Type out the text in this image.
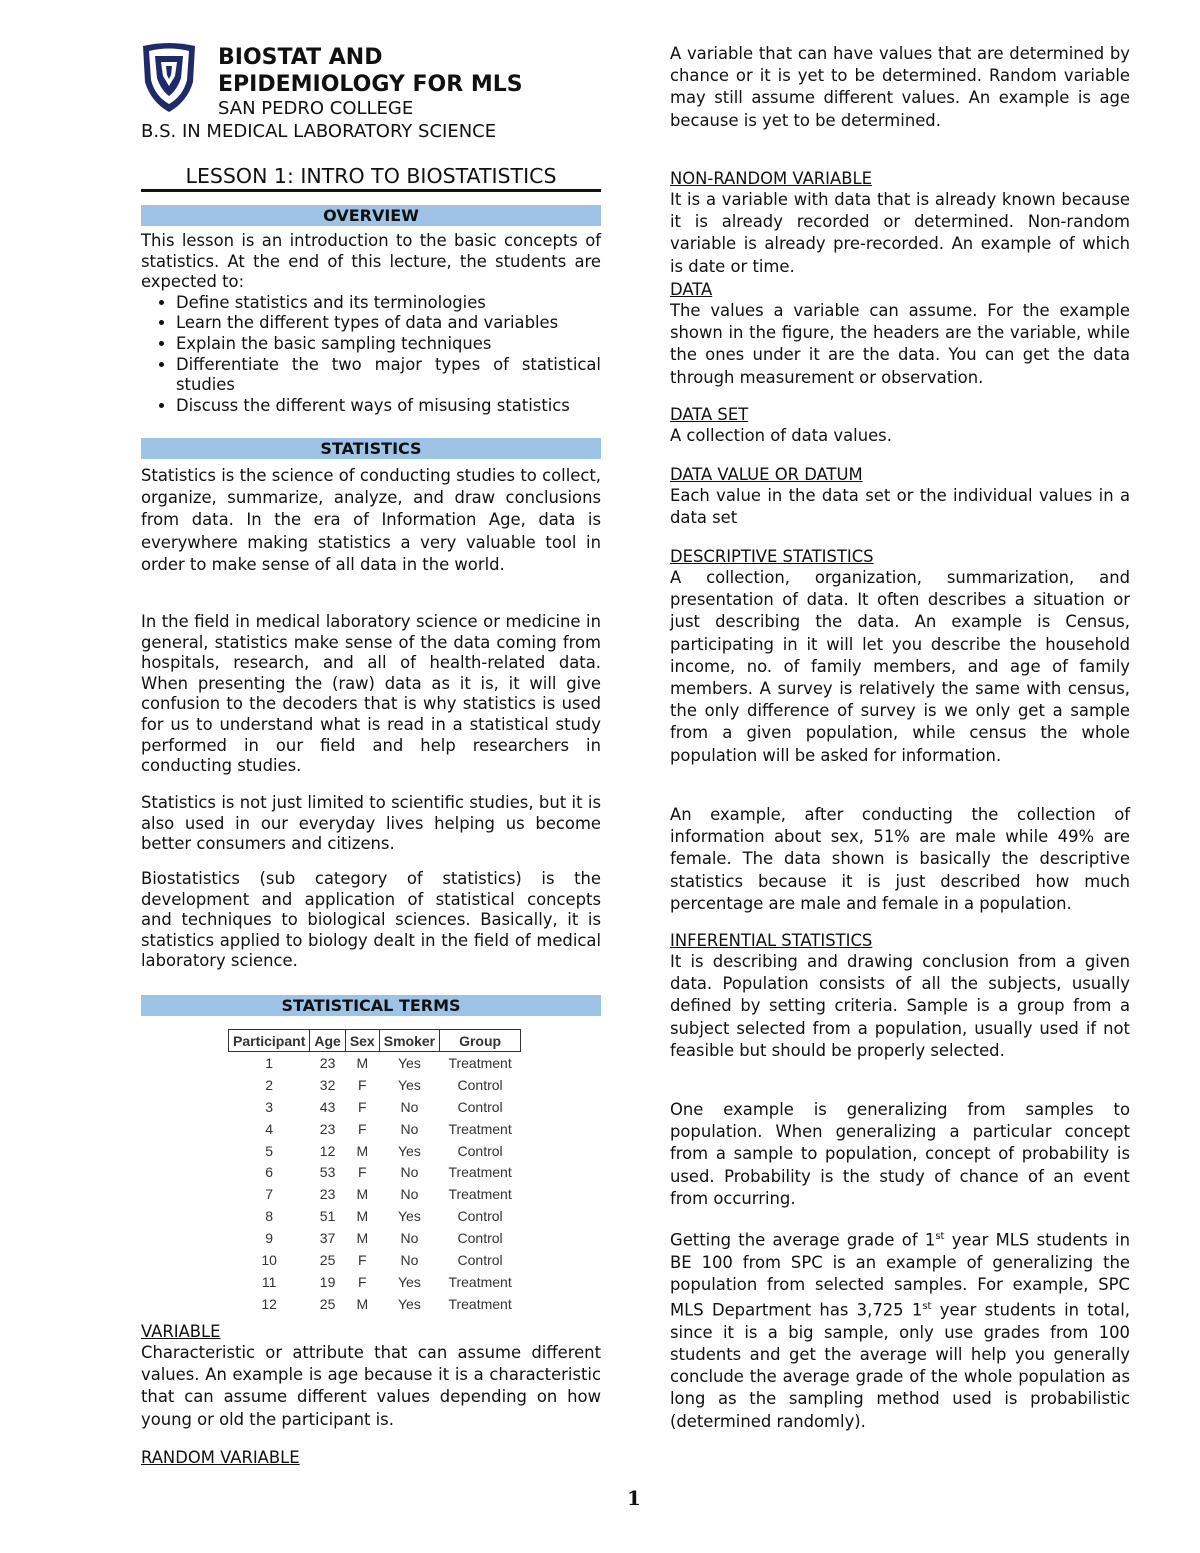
BIOSTAT AND
EPIDEMIOLOGY FOR MLS
SAN PEDRO COLLEGE
B.S. IN MEDICAL LABORATORY SCIENCE
LESSON 1: INTRO TO BIOSTATISTICS
OVERVIEW

This lesson is an introduction to the basic concepts of statistics. At the end of this lecture, the students are expected to:

• Define statistics and its terminologies
• Learn the different types of data and variables
• Explain the basic sampling techniques
• Differentiate the two major types of statistical studies
• Discuss the different ways of misusing statistics
STATISTICS

Statistics is the science of conducting studies to collect, organize, summarize, analyze, and draw conclusions from data. In the era of Information Age, data is everywhere making statistics a very valuable tool in order to make sense of all data in the world.

In the field in medical laboratory science or medicine in general, statistics make sense of the data coming from hospitals, research, and all of health-related data. When presenting the (raw) data as it is, it will give confusion to the decoders that is why statistics is used for us to understand what is read in a statistical study performed in our field and help researchers in conducting studies.

Statistics is not just limited to scientific studies, but it is also used in our everyday lives helping us become better consumers and citizens.

Biostatistics (sub category of statistics) is the development and application of statistical concepts and techniques to biological sciences. Basically, it is statistics applied to biology dealt in the field of medical laboratory science.

STATISTICAL TERMS
Participant	Age	Sex	Smoker	Group
1	23	M	Yes	Treatment
2	32	F	Yes	Control
3	43	F	No	Control
4	23	F	No	Treatment
5	12	M	Yes	Control
6	53	F	No	Treatment
7	23	M	No	Treatment
8	51	M	Yes	Control
9	37	M	No	Control
10	25	F	No	Control
11	19	F	Yes	Treatment
12	25	M	Yes	Treatment

VARIABLE

Characteristic or attribute that can assume different values. An example is age because it is a characteristic that can assume different values depending on how young or old the participant is.

RANDOM VARIABLE

A variable that can have values that are determined by chance or it is yet to be determined. Random variable may still assume different values. An example is age because is yet to be determined.

NON-RANDOM VARIABLE

It is a variable with data that is already known because it is already recorded or determined. Non-random variable is already pre-recorded. An example of which is date or time.

DATA

The values a variable can assume. For the example shown in the figure, the headers are the variable, while the ones under it are the data. You can get the data through measurement or observation.

DATA SET

A collection of data values.

DATA VALUE OR DATUM

Each value in the data set or the individual values in a data set

DESCRIPTIVE STATISTICS

A collection, organization, summarization, and presentation of data. It often describes a situation or just describing the data. An example is Census, participating in it will let you describe the household income, no. of family members, and age of family members. A survey is relatively the same with census, the only difference of survey is we only get a sample from a given population, while census the whole population will be asked for information.

An example, after conducting the collection of information about sex, 51% are male while 49% are female. The data shown is basically the descriptive statistics because it is just described how much percentage are male and female in a population.

INFERENTIAL STATISTICS

It is describing and drawing conclusion from a given data. Population consists of all the subjects, usually defined by setting criteria. Sample is a group from a subject selected from a population, usually used if not feasible but should be properly selected.

One example is generalizing from samples to population. When generalizing a particular concept from a sample to population, concept of probability is used. Probability is the study of chance of an event from occurring.

Getting the average grade of 1st year MLS students in BE 100 from SPC is an example of generalizing the population from selected samples. For example, SPC MLS Department has 3,725 1st year students in total, since it is a big sample, only use grades from 100 students and get the average will help you generally conclude the average grade of the whole population as long as the sampling method used is probabilistic (determined randomly).

1
